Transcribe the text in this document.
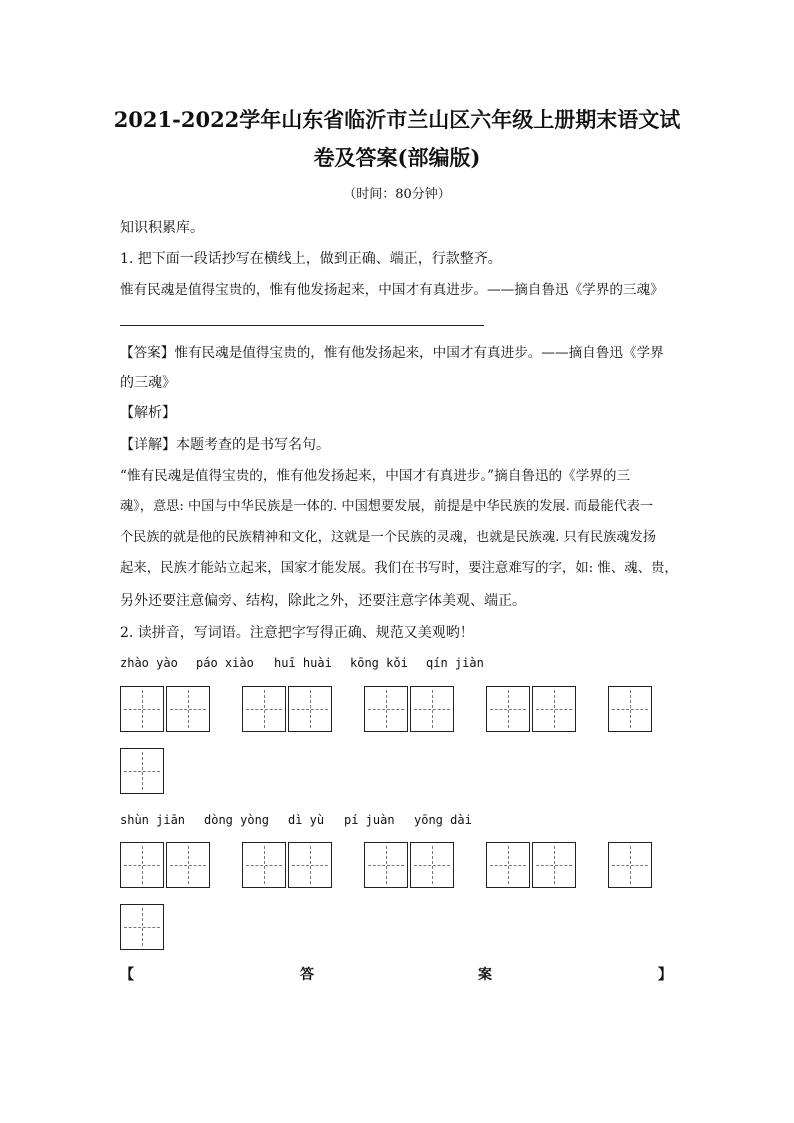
2021-2022学年山东省临沂市兰山区六年级上册期末语文试
卷及答案(部编版)
（时间：80分钟）
知识积累库。
1. 把下面一段话抄写在横线上，做到正确、端正，行款整齐。
惟有民魂是值得宝贵的，惟有他发扬起来，中国才有真进步。——摘自鲁迅《学界的三魂》
【答案】惟有民魂是值得宝贵的，惟有他发扬起来，中国才有真进步。——摘自鲁迅《学界
的三魂》
【解析】
【详解】本题考查的是书写名句。
“惟有民魂是值得宝贵的，惟有他发扬起来，中国才有真进步。”摘自鲁迅的《学界的三
魂》，意思: 中国与中华民族是一体的. 中国想要发展，前提是中华民族的发展. 而最能代表一
个民族的就是他的民族精神和文化，这就是一个民族的灵魂，也就是民族魂. 只有民族魂发扬
起来，民族才能站立起来，国家才能发展。我们在书写时，要注意难写的字，如: 惟、魂、贵，
另外还要注意偏旁、结构，除此之外，还要注意字体美观、端正。
2. 读拼音，写词语。注意把字写得正确、规范又美观哟！
zhào yào páo xiào huī huài kōng kǒi qín jiàn
shùn jiān dòng yòng dì yù pí juàn yōng dài
【	答	案	】
